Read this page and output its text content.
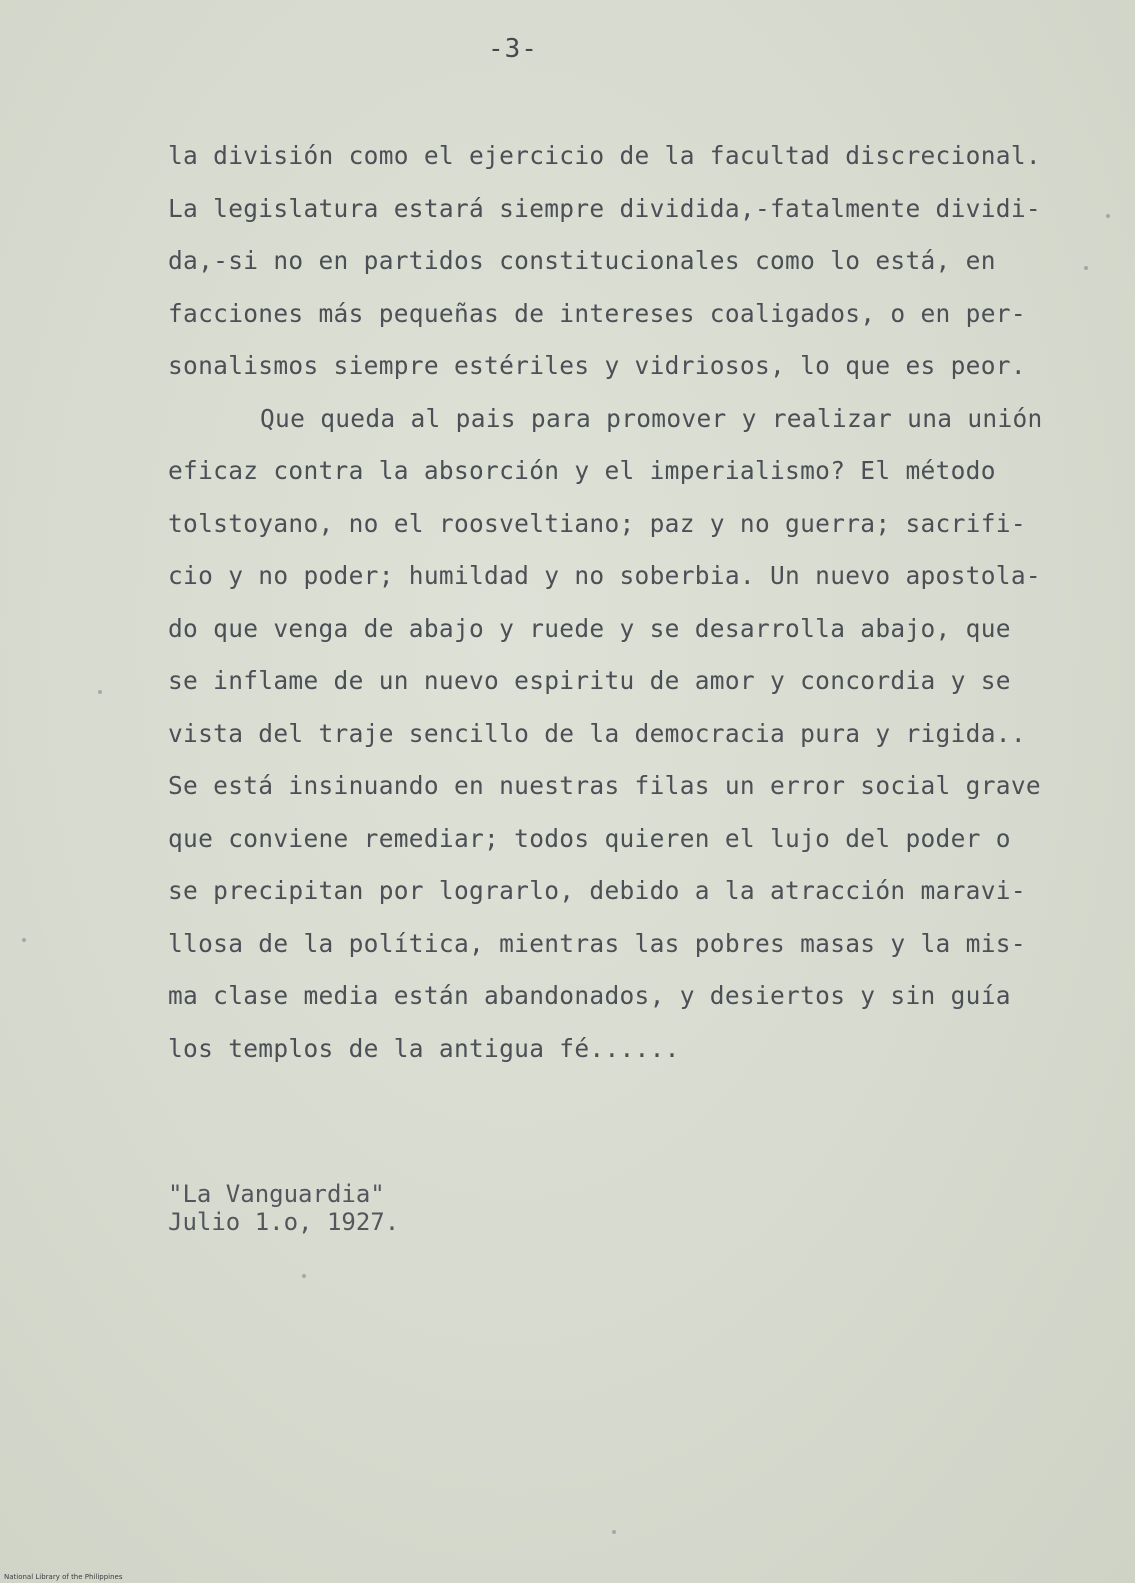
-3-
la división como el ejercicio de la facultad discrecional.
La legislatura estará siempre dividida,-fatalmente dividi-
da,-si no en partidos constitucionales como lo está, en
facciones más pequeñas de intereses coaligados, o en per-
sonalismos siempre estériles y vidriosos, lo que es peor.
Que queda al pais para promover y realizar una unión
eficaz contra la absorción y el imperialismo? El método
tolstoyano, no el roosveltiano; paz y no guerra; sacrifi-
cio y no poder; humildad y no soberbia. Un nuevo apostola-
do que venga de abajo y ruede y se desarrolla abajo, que
se inflame de un nuevo espiritu de amor y concordia y se
vista del traje sencillo de la democracia pura y rigida..
Se está insinuando en nuestras filas un error social grave
que conviene remediar; todos quieren el lujo del poder o
se precipitan por lograrlo, debido a la atracción maravi-
llosa de la política, mientras las pobres masas y la mis-
ma clase media están abandonados, y desiertos y sin guía
los templos de la antigua fé......
"La Vanguardia"
Julio 1.o, 1927.
National Library of the Philippines
